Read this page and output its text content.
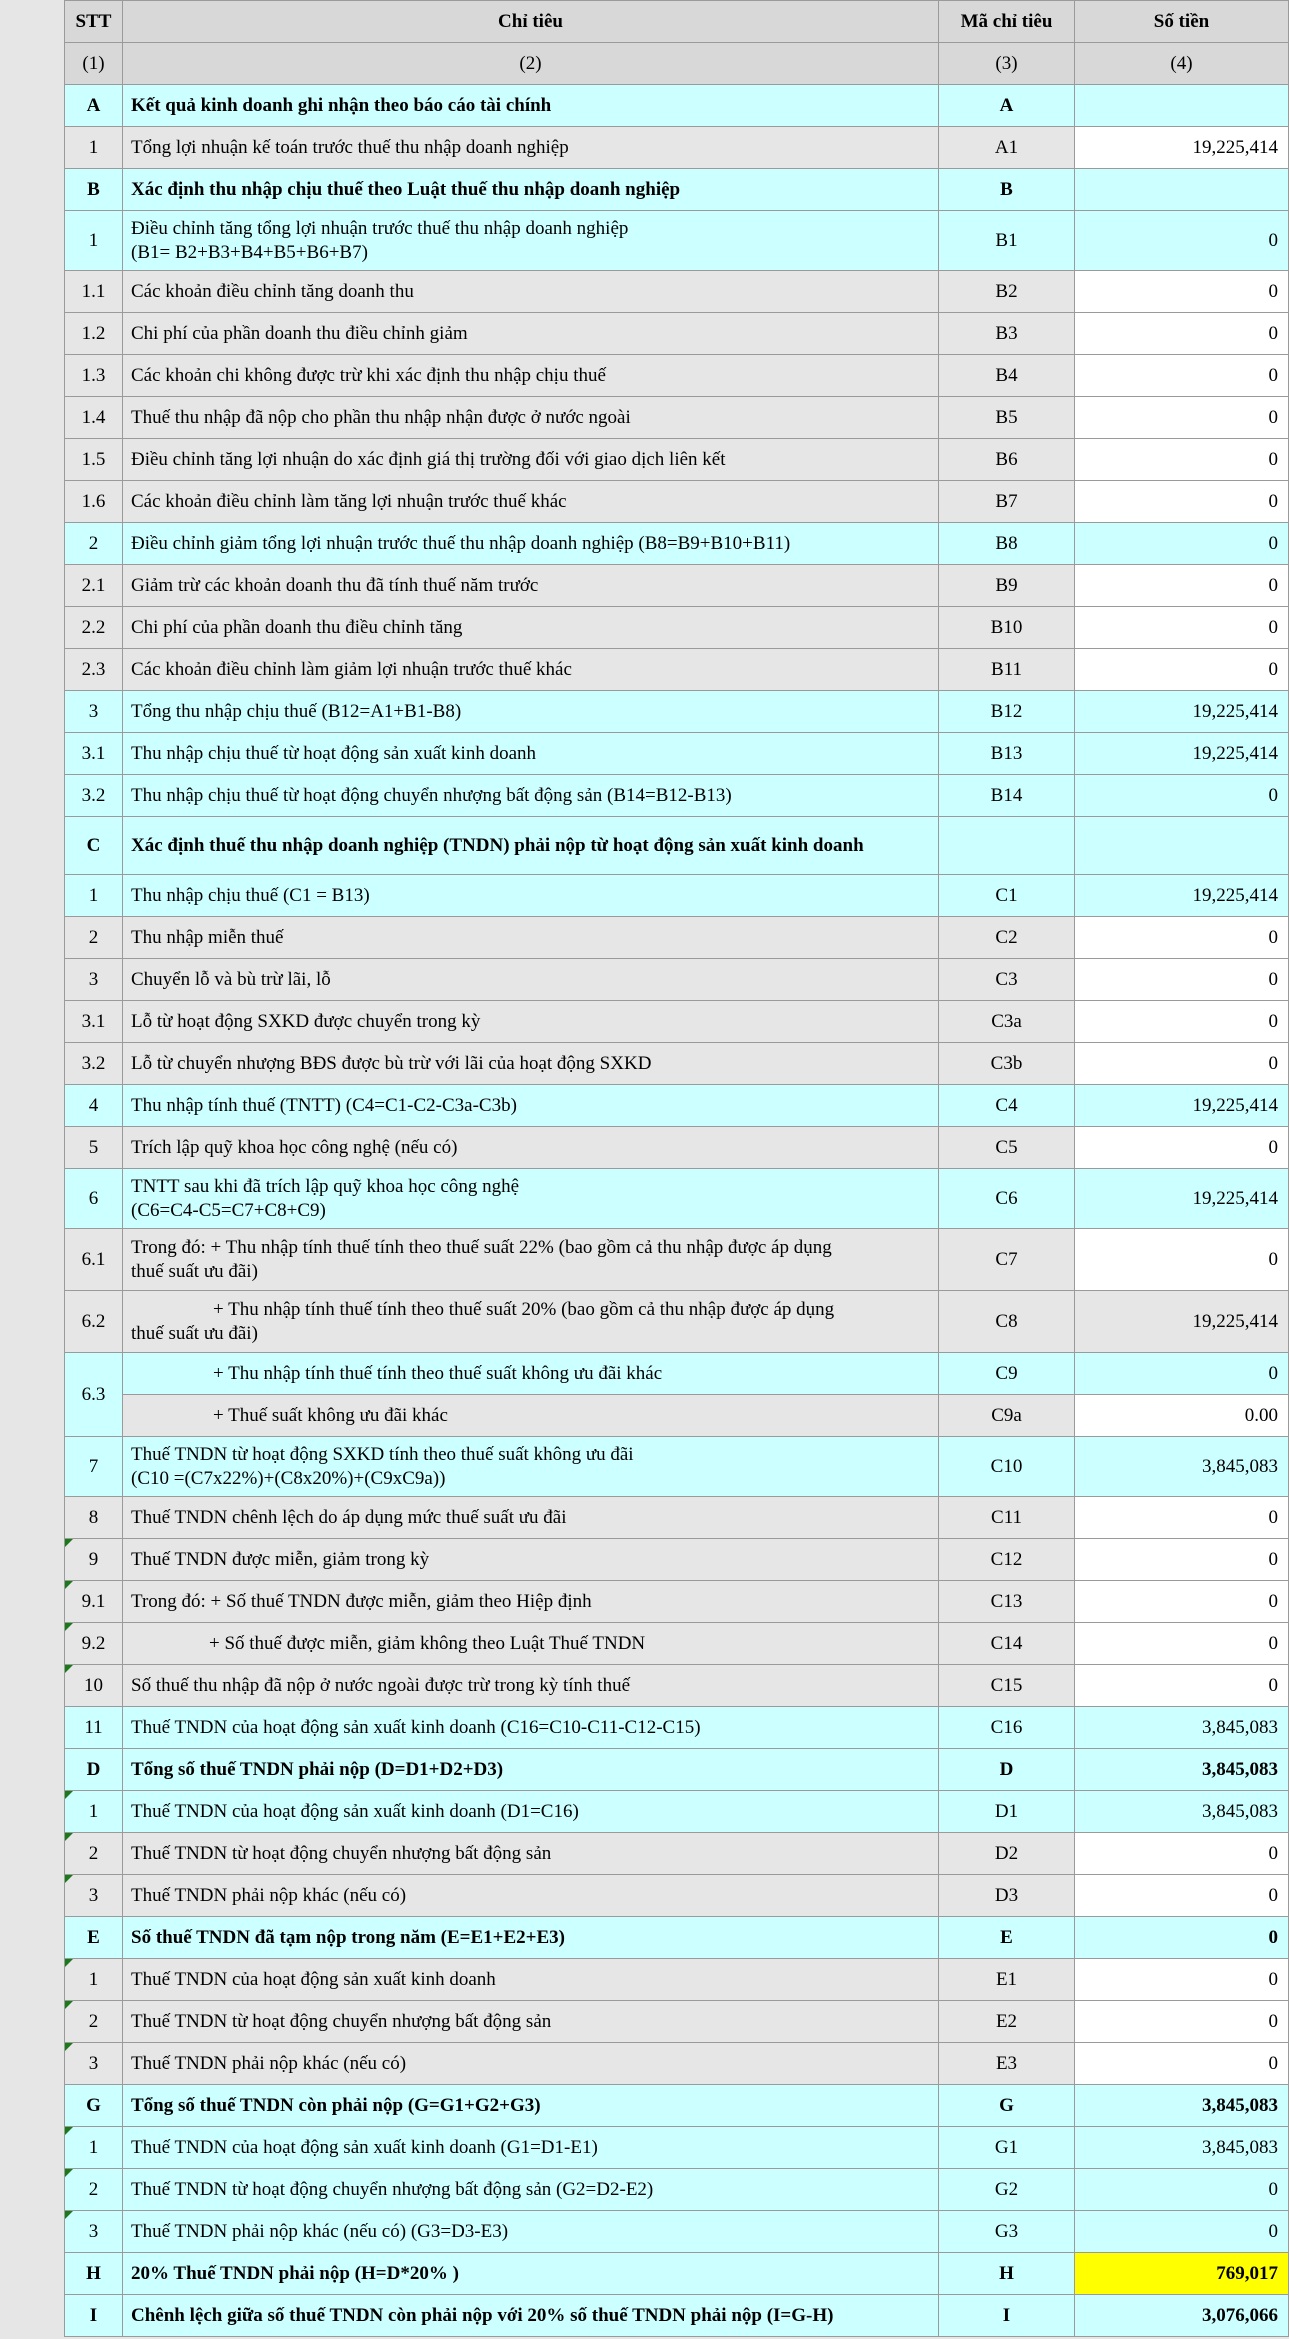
STT	Chỉ tiêu	Mã chỉ tiêu	Số tiền
(1)	(2)	(3)	(4)
A	Kết quả kinh doanh ghi nhận theo báo cáo tài chính	A	
1	Tổng lợi nhuận kế toán trước thuế thu nhập doanh nghiệp	A1	19,225,414
B	Xác định thu nhập chịu thuế theo Luật thuế thu nhập doanh nghiệp	B	
1	Điều chỉnh tăng tổng lợi nhuận trước thuế thu nhập doanh nghiệp
(B1= B2+B3+B4+B5+B6+B7)	B1	0
1.1	Các khoản điều chỉnh tăng doanh thu	B2	0
1.2	Chi phí của phần doanh thu điều chỉnh giảm	B3	0
1.3	Các khoản chi không được trừ khi xác định thu nhập chịu thuế	B4	0
1.4	Thuế thu nhập đã nộp cho phần thu nhập nhận được ở nước ngoài	B5	0
1.5	Điều chỉnh tăng lợi nhuận do xác định giá thị trường đối với giao dịch liên kết	B6	0
1.6	Các khoản điều chỉnh làm tăng lợi nhuận trước thuế khác	B7	0
2	Điều chỉnh giảm tổng lợi nhuận trước thuế thu nhập doanh nghiệp (B8=B9+B10+B11)	B8	0
2.1	Giảm trừ các khoản doanh thu đã tính thuế năm trước	B9	0
2.2	Chi phí của phần doanh thu điều chỉnh tăng	B10	0
2.3	Các khoản điều chỉnh làm giảm lợi nhuận trước thuế khác	B11	0
3	Tổng thu nhập chịu thuế (B12=A1+B1-B8)	B12	19,225,414
3.1	Thu nhập chịu thuế từ hoạt động sản xuất kinh doanh	B13	19,225,414
3.2	Thu nhập chịu thuế từ hoạt động chuyển nhượng bất động sản (B14=B12-B13)	B14	0
C	Xác định thuế thu nhập doanh nghiệp (TNDN) phải nộp từ hoạt động sản xuất kinh doanh		

1	Thu nhập chịu thuế (C1 = B13)	C1	19,225,414
2	Thu nhập miễn thuế	C2	0
3	Chuyển lỗ và bù trừ lãi, lỗ	C3	0
3.1	Lỗ từ hoạt động SXKD được chuyển trong kỳ	C3a	0
3.2	Lỗ từ chuyển nhượng BĐS được bù trừ với lãi của hoạt động SXKD	C3b	0
4	Thu nhập tính thuế (TNTT) (C4=C1-C2-C3a-C3b)	C4	19,225,414
5	Trích lập quỹ khoa học công nghệ (nếu có)	C5	0
6	TNTT sau khi đã trích lập quỹ khoa học công nghệ
(C6=C4-C5=C7+C8+C9)	C6	19,225,414
6.1	Trong đó: + Thu nhập tính thuế tính theo thuế suất 22% (bao gồm cả thu nhập được áp dụng
thuế suất ưu đãi)	C7	0
6.2	+ Thu nhập tính thuế tính theo thuế suất 20% (bao gồm cả thu nhập được áp dụng
thuế suất ưu đãi)	C8	19,225,414
6.3	+ Thu nhập tính thuế tính theo thuế suất không ưu đãi khác	C9	0

	+ Thuế suất không ưu đãi khác	C9a	0.00
7	Thuế TNDN từ hoạt động SXKD tính theo thuế suất không ưu đãi
(C10 =(C7x22%)+(C8x20%)+(C9xC9a))	C10	3,845,083
8	Thuế TNDN chênh lệch do áp dụng mức thuế suất ưu đãi	C11	0
9	Thuế TNDN được miễn, giảm trong kỳ	C12	0
9.1	Trong đó: + Số thuế TNDN được miễn, giảm theo Hiệp định	C13	0
9.2	+ Số thuế được miễn, giảm không theo Luật Thuế TNDN	C14	0
10	Số thuế thu nhập đã nộp ở nước ngoài được trừ trong kỳ tính thuế	C15	0
11	Thuế TNDN của hoạt động sản xuất kinh doanh (C16=C10-C11-C12-C15)	C16	3,845,083
D	Tổng số thuế TNDN phải nộp (D=D1+D2+D3)	D	3,845,083
1	Thuế TNDN của hoạt động sản xuất kinh doanh (D1=C16)	D1	3,845,083
2	Thuế TNDN từ hoạt động chuyển nhượng bất động sản	D2	0
3	Thuế TNDN phải nộp khác (nếu có)	D3	0
E	Số thuế TNDN đã tạm nộp trong năm (E=E1+E2+E3)	E	0
1	Thuế TNDN của hoạt động sản xuất kinh doanh	E1	0
2	Thuế TNDN từ hoạt động chuyển nhượng bất động sản	E2	0
3	Thuế TNDN phải nộp khác (nếu có)	E3	0
G	Tổng số thuế TNDN còn phải nộp (G=G1+G2+G3)	G	3,845,083
1	Thuế TNDN của hoạt động sản xuất kinh doanh (G1=D1-E1)	G1	3,845,083
2	Thuế TNDN từ hoạt động chuyển nhượng bất động sản (G2=D2-E2)	G2	0
3	Thuế TNDN phải nộp khác (nếu có) (G3=D3-E3)	G3	0
H	20% Thuế TNDN phải nộp (H=D*20% )	H	769,017
I	Chênh lệch giữa số thuế TNDN còn phải nộp với 20% số thuế TNDN phải nộp (I=G-H)	I	3,076,066
